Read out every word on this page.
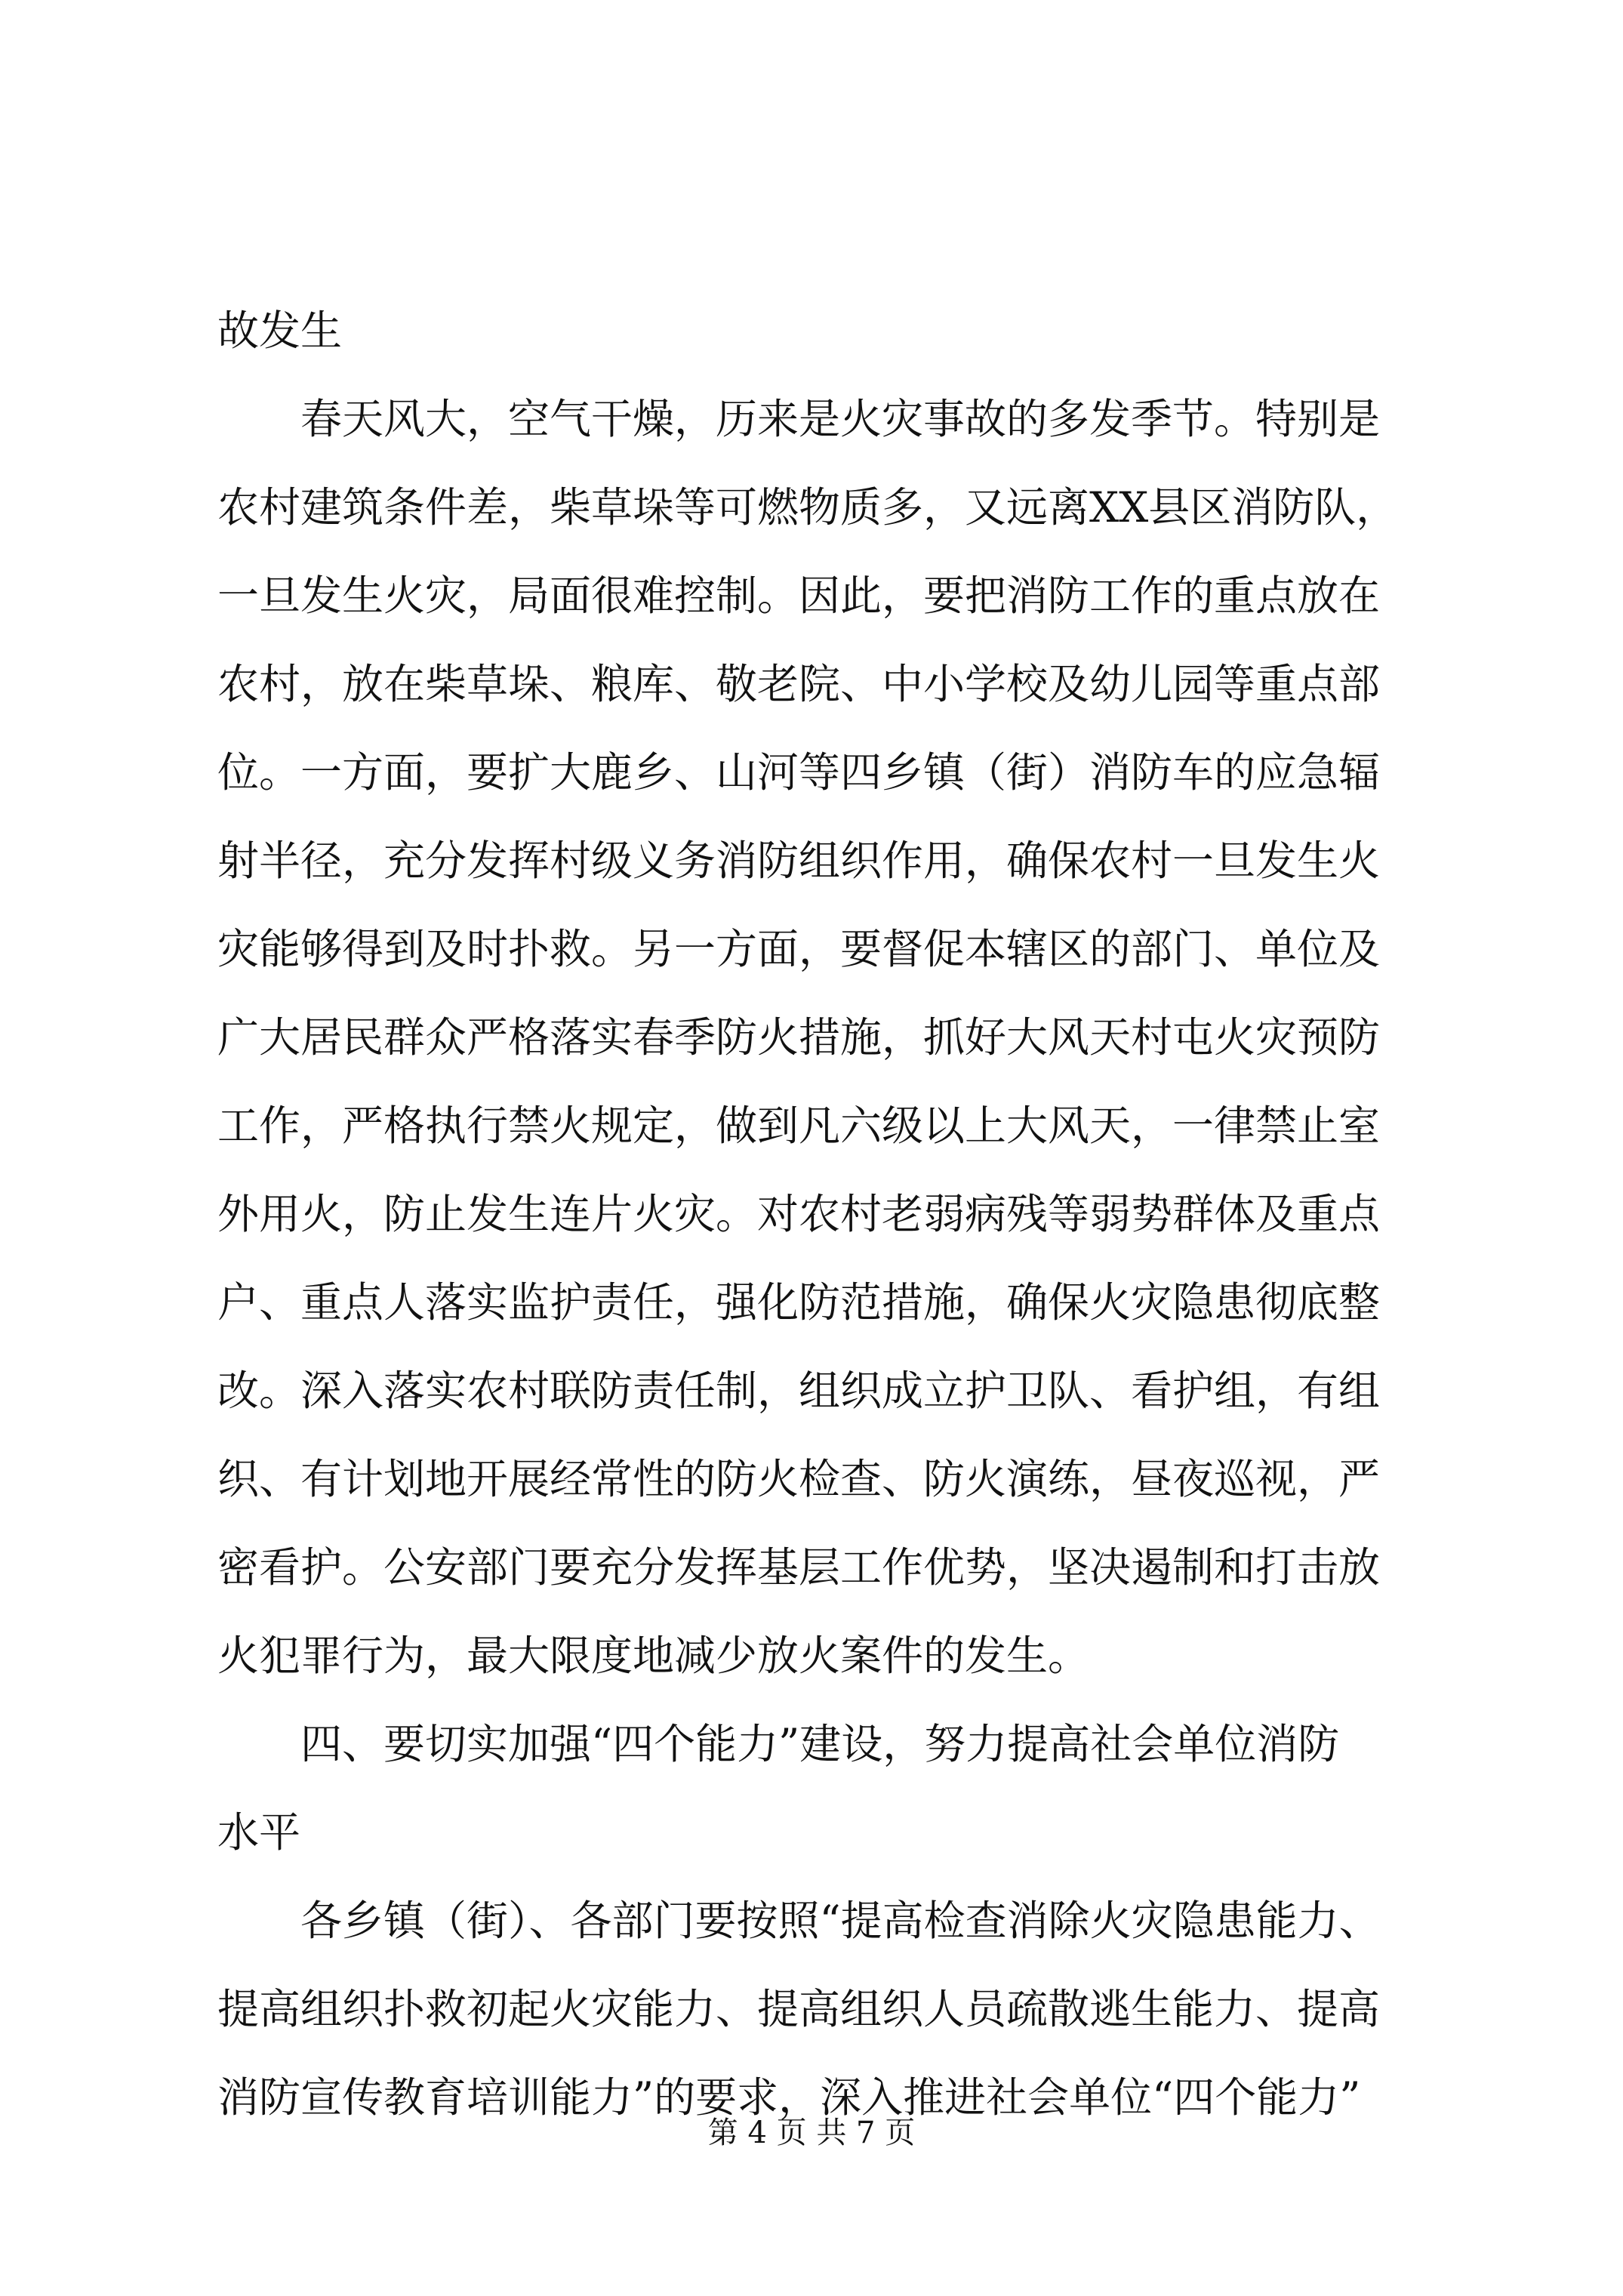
故发生
春天风大，空气干燥，历来是火灾事故的多发季节。特别是
农村建筑条件差，柴草垛等可燃物质多，又远离XX县区消防队，
一旦发生火灾，局面很难控制。因此，要把消防工作的重点放在
农村，放在柴草垛、粮库、敬老院、中小学校及幼儿园等重点部
位。一方面，要扩大鹿乡、山河等四乡镇（街）消防车的应急辐
射半径，充分发挥村级义务消防组织作用，确保农村一旦发生火
灾能够得到及时扑救。另一方面，要督促本辖区的部门、单位及
广大居民群众严格落实春季防火措施，抓好大风天村屯火灾预防
工作，严格执行禁火规定，做到凡六级以上大风天，一律禁止室
外用火，防止发生连片火灾。对农村老弱病残等弱势群体及重点
户、重点人落实监护责任，强化防范措施，确保火灾隐患彻底整
改。深入落实农村联防责任制，组织成立护卫队、看护组，有组
织、有计划地开展经常性的防火检查、防火演练，昼夜巡视，严
密看护。公安部门要充分发挥基层工作优势，坚决遏制和打击放
火犯罪行为，最大限度地减少放火案件的发生。
四、要切实加强“四个能力”建设，努力提高社会单位消防
水平
各乡镇（街）、各部门要按照“提高检查消除火灾隐患能力、
提高组织扑救初起火灾能力、提高组织人员疏散逃生能力、提高
消防宣传教育培训能力”的要求，深入推进社会单位“四个能力”
第 4 页 共 7 页
